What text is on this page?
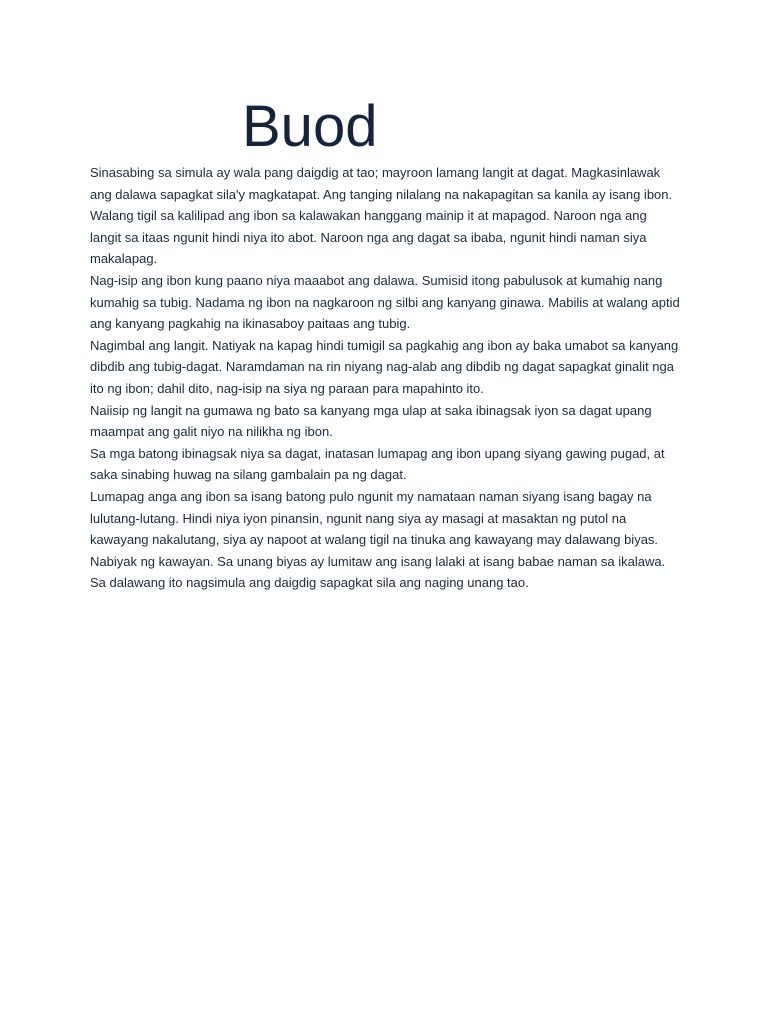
Buod

Sinasabing sa simula ay wala pang daigdig at tao; mayroon lamang langit at dagat. Magkasinlawak ang dalawa sapagkat sila'y magkatapat. Ang tanging nilalang na nakapagitan sa kanila ay isang ibon.

Walang tigil sa kalilipad ang ibon sa kalawakan hanggang mainip it at mapagod. Naroon nga ang langit sa itaas ngunit hindi niya ito abot. Naroon nga ang dagat sa ibaba, ngunit hindi naman siya makalapag.

Nag-isip ang ibon kung paano niya maaabot ang dalawa. Sumisid itong pabulusok at kumahig nang kumahig sa tubig. Nadama ng ibon na nagkaroon ng silbi ang kanyang ginawa. Mabilis at walang aptid ang kanyang pagkahig na ikinasaboy paitaas ang tubig.

Nagimbal ang langit. Natiyak na kapag hindi tumigil sa pagkahig ang ibon ay baka umabot sa kanyang dibdib ang tubig-dagat. Naramdaman na rin niyang nag-alab ang dibdib ng dagat sapagkat ginalit nga ito ng ibon; dahil dito, nag-isip na siya ng paraan para mapahinto ito.

Naiisip ng langit na gumawa ng bato sa kanyang mga ulap at saka ibinagsak iyon sa dagat upang maampat ang galit niyo na nilikha ng ibon.

Sa mga batong ibinagsak niya sa dagat, inatasan lumapag ang ibon upang siyang gawing pugad, at saka sinabing huwag na silang gambalain pa ng dagat.

Lumapag anga ang ibon sa isang batong pulo ngunit my namataan naman siyang isang bagay na lulutang-lutang. Hindi niya iyon pinansin, ngunit nang siya ay masagi at masaktan ng putol na kawayang nakalutang, siya ay napoot at walang tigil na tinuka ang kawayang may dalawang biyas.

Nabiyak ng kawayan. Sa unang biyas ay lumitaw ang isang lalaki at isang babae naman sa ikalawa.

Sa dalawang ito nagsimula ang daigdig sapagkat sila ang naging unang tao.
